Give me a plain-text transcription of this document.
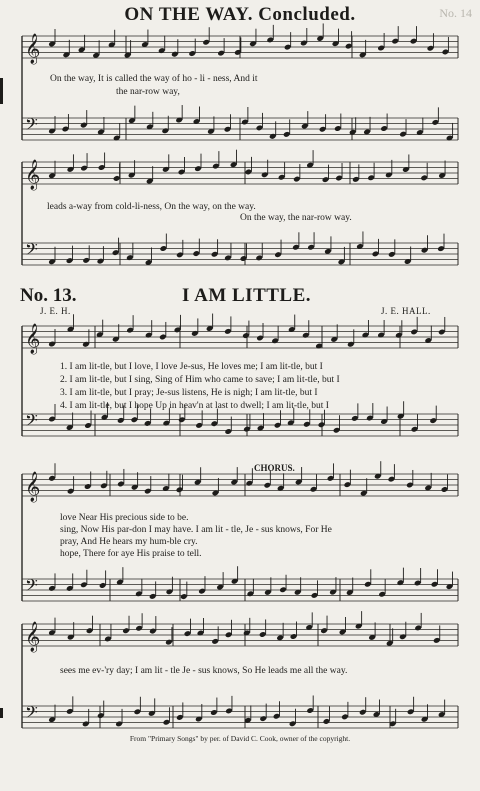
ON THE WAY. Concluded.	No. 14
𝄞
𝄢
𝄞
𝄢
𝄞
𝄢
𝄞
𝄢
𝄞
𝄢
On the way, It is called the way of ho - li - ness, And it
the nar-row way,
leads a-way from cold-li-ness, On the way, on the way.
On the way, the nar-row way.
No. 13.	I AM LITTLE.
J. E. H.	J. E. HALL.
1. I am lit-tle, but I love, I love Je-sus, He loves me; I am lit-tle, but I
2. I am lit-tle, but I sing, Sing of Him who came to save; I am lit-tle, but I
3. I am lit-tle, but I pray; Je-sus listens, He is nigh; I am lit-tle, but I
4. I am lit-tle, but I hope Up in heav'n at last to dwell; I am lit-tle, but I
CHORUS.
love Near His precious side to be.
sing, Now His par-don I may have. I am lit - tle, Je - sus knows, For He
pray, And He hears my hum-ble cry.
hope, There for aye His praise to tell.
sees me ev-'ry day; I am lit - tle Je - sus knows, So He leads me all the way.
From "Primary Songs" by per. of David C. Cook, owner of the copyright.
